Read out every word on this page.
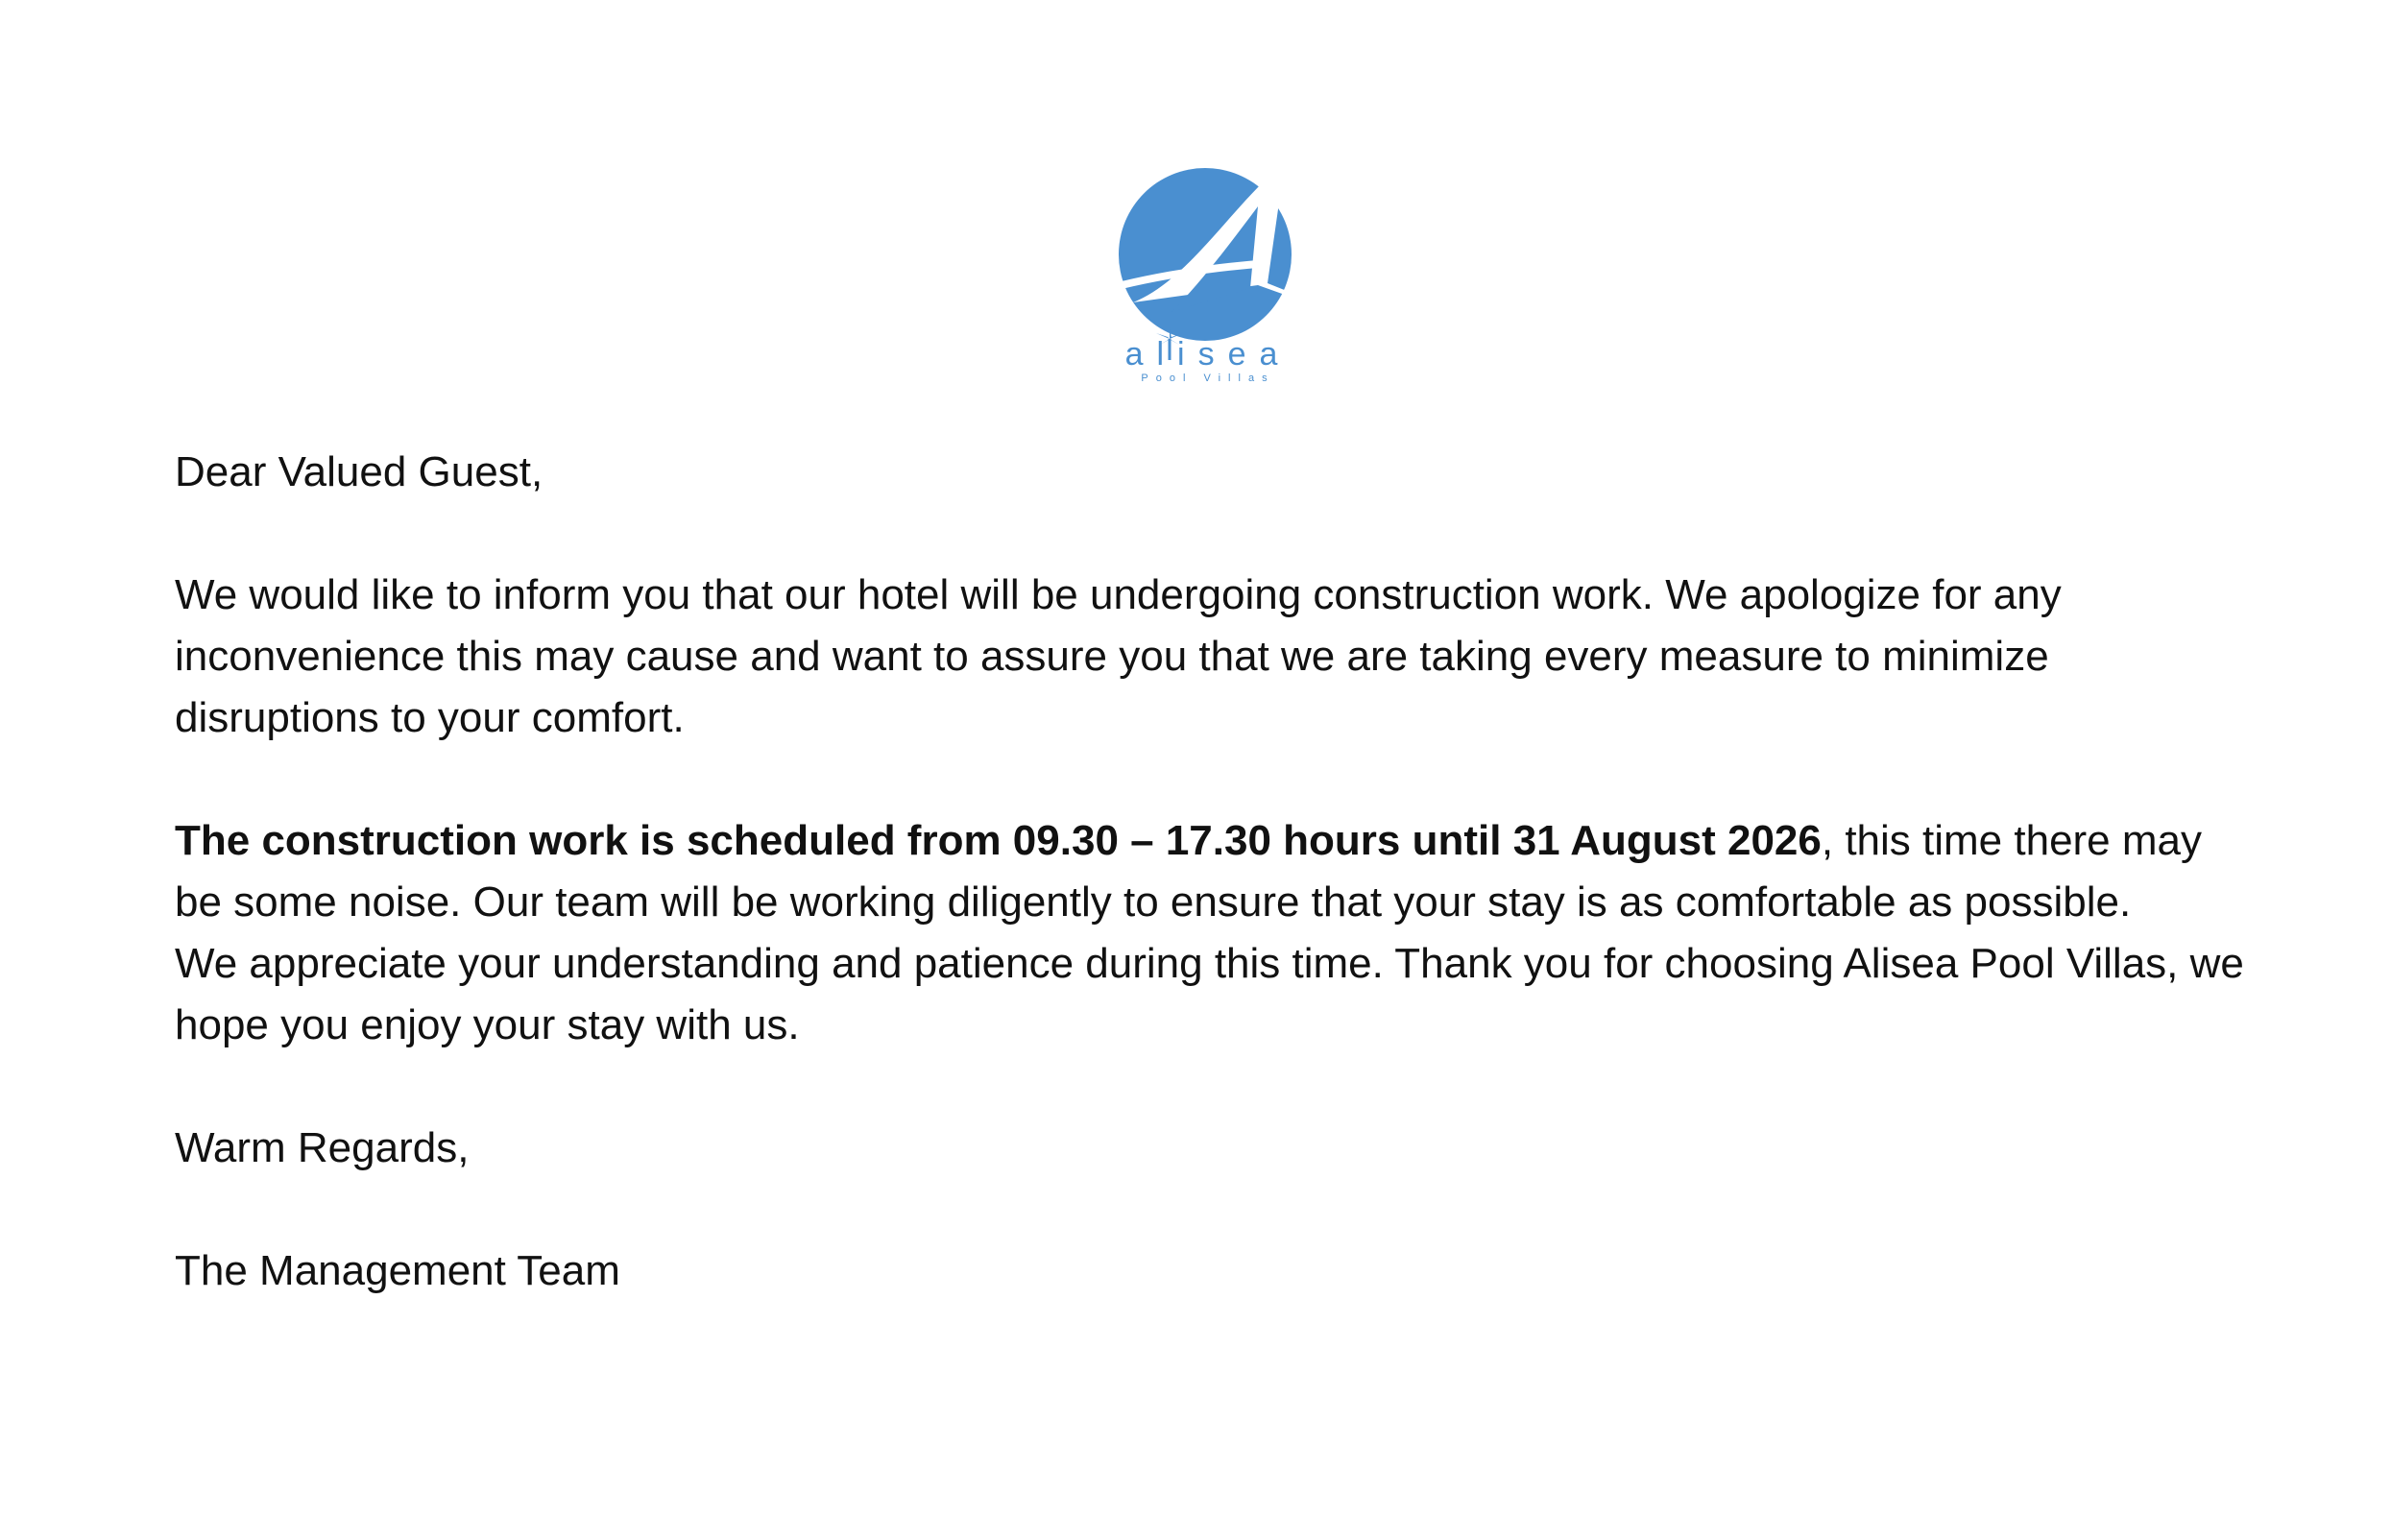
alisea
Pool Villas

Dear Valued Guest,

We would like to inform you that our hotel will be undergoing construction work. We apologize for any inconvenience this may cause and want to assure you that we are taking every measure to minimize disruptions to your comfort.

The construction work is scheduled from 09.30 – 17.30 hours until 31 August 2026, this time there may be some noise. Our team will be working diligently to ensure that your stay is as comfortable as possible.

We appreciate your understanding and patience during this time. Thank you for choosing Alisea Pool Villas, we hope you enjoy your stay with us.

Warm Regards,

The Management Team
